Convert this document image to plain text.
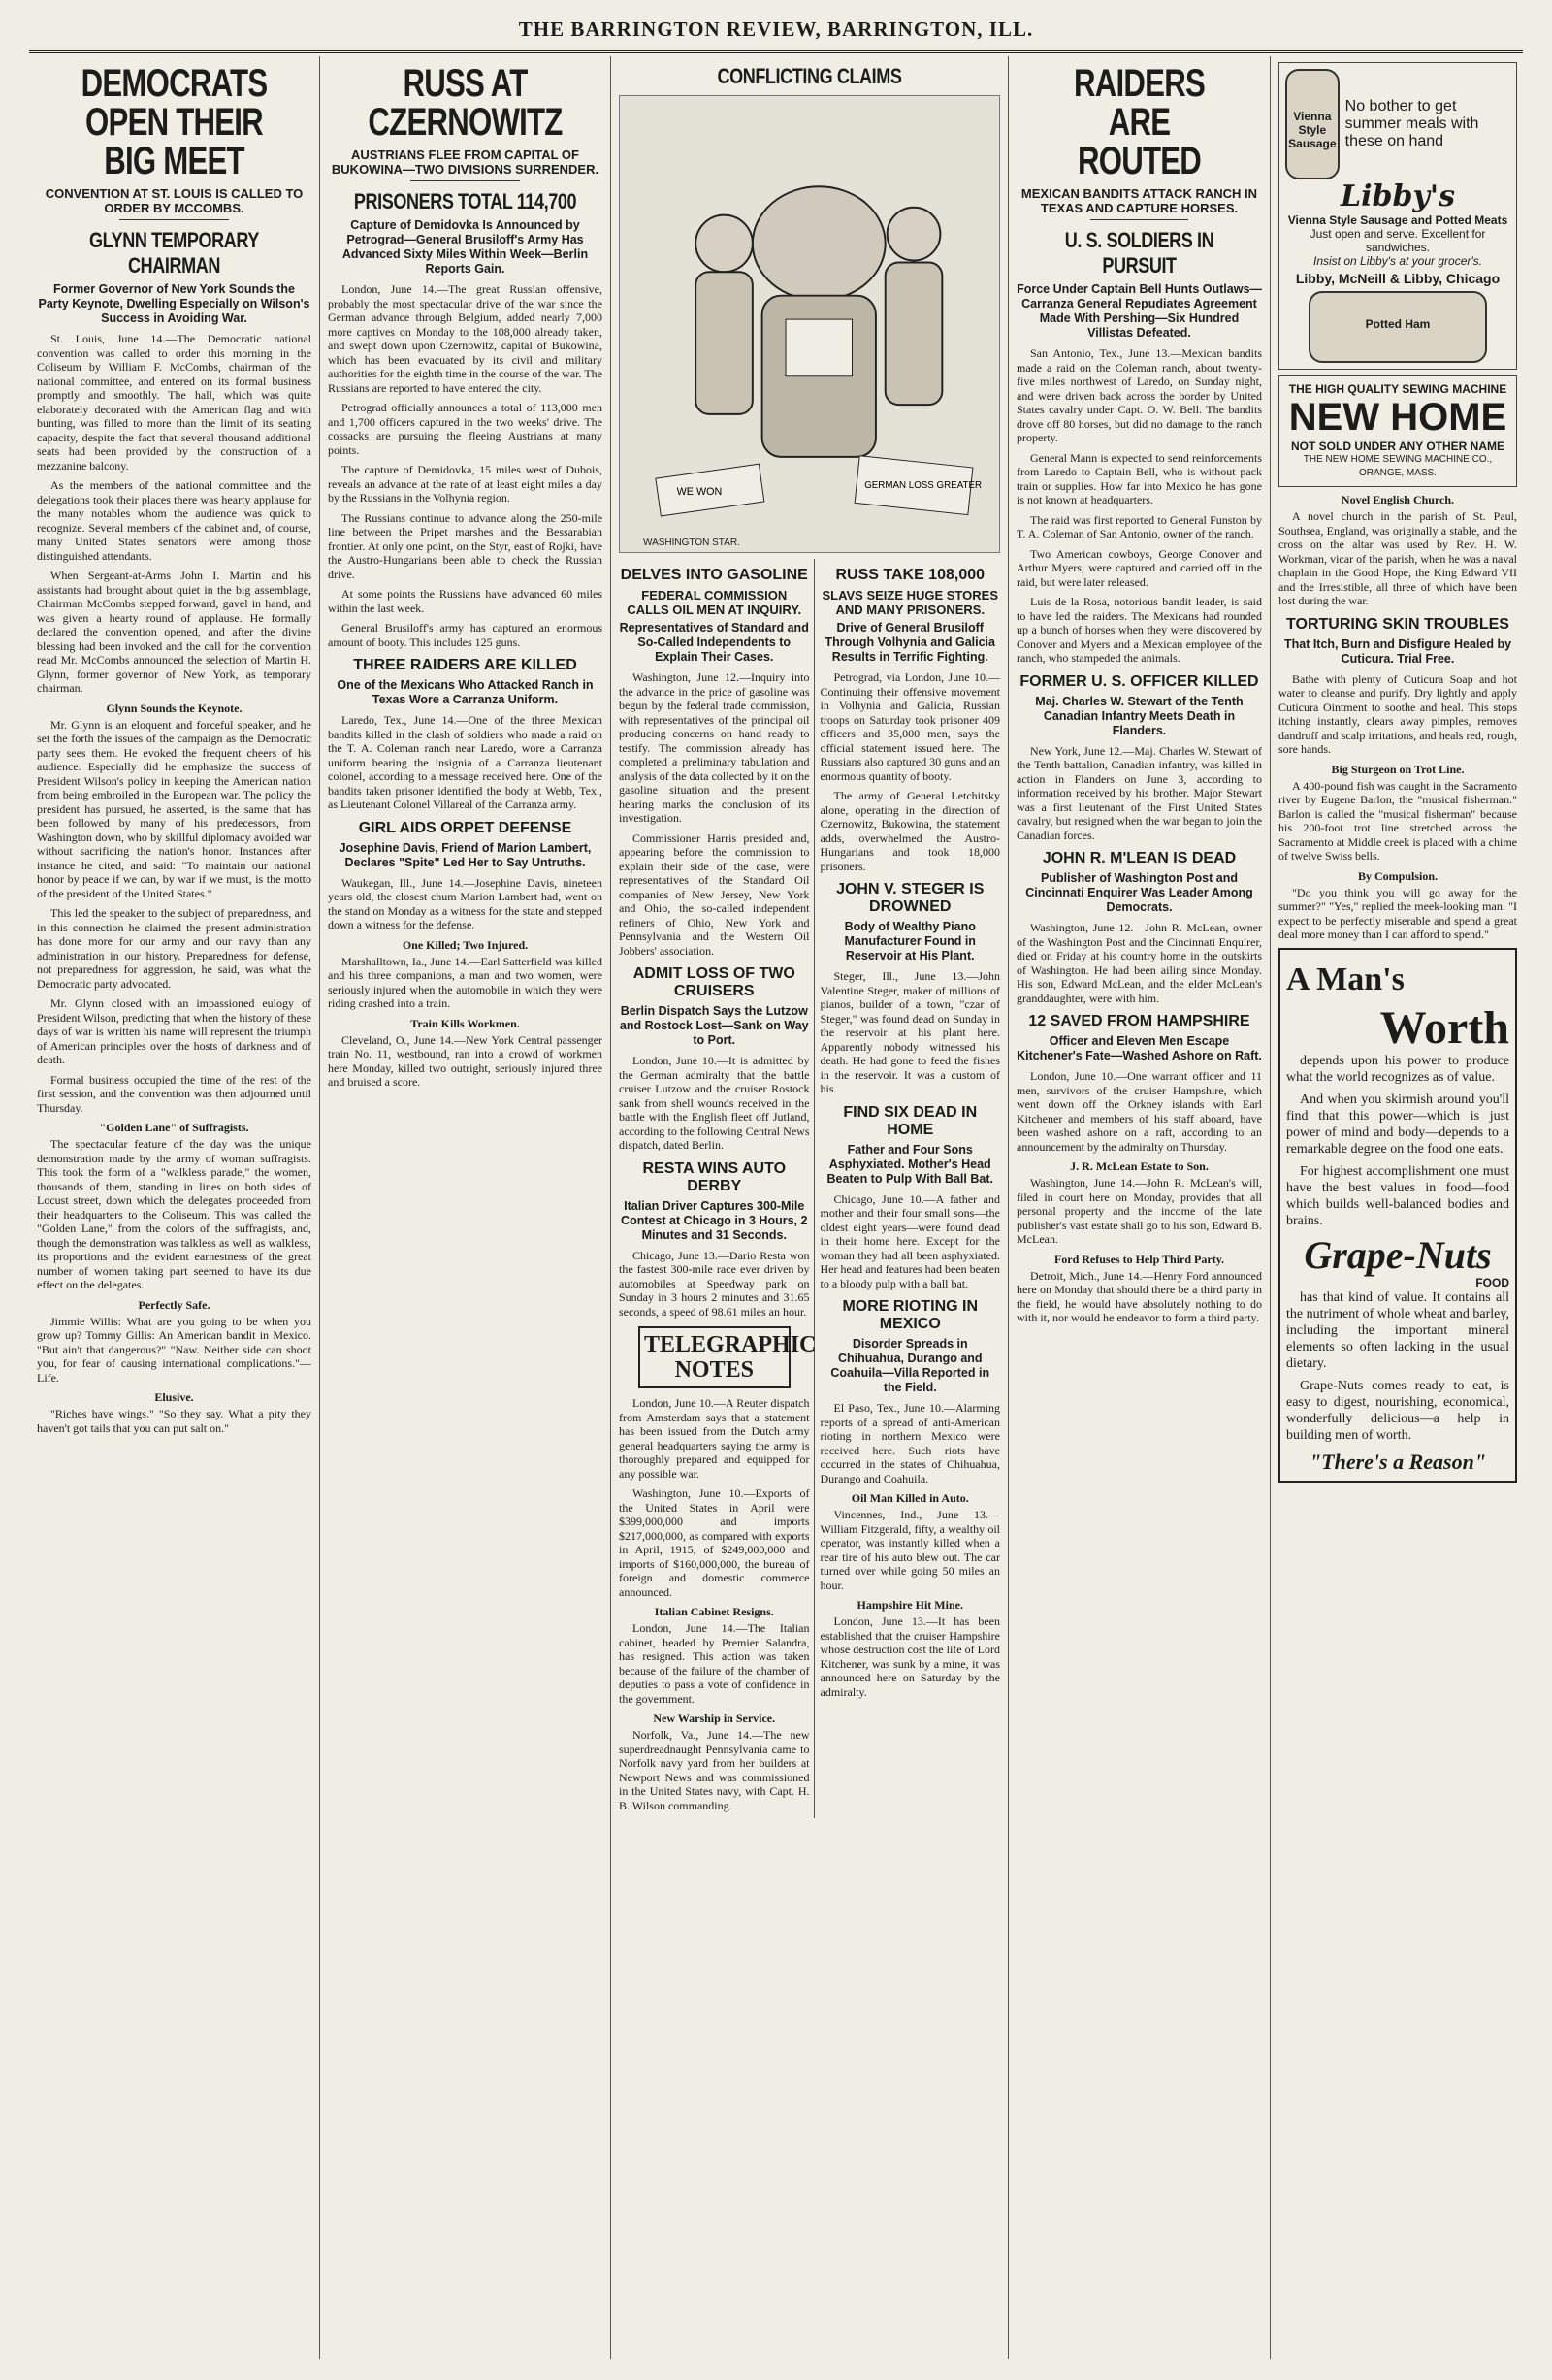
THE BARRINGTON REVIEW, BARRINGTON, ILL.
DEMOCRATS OPEN THEIR BIG MEET
CONVENTION AT ST. LOUIS IS CALLED TO ORDER BY MCCOMBS.
GLYNN TEMPORARY CHAIRMAN

Former Governor of New York Sounds the Party Keynote, Dwelling Especially on Wilson's Success in Avoiding War.

St. Louis, June 14.—The Democratic national convention was called to order this morning in the Coliseum by William F. McCombs, chairman of the national committee, and entered on its formal business promptly and smoothly. The hall, which was quite elaborately decorated with the American flag and with bunting, was filled to more than the limit of its seating capacity, despite the fact that several thousand additional seats had been provided by the construction of a mezzanine balcony.

As the members of the national committee and the delegations took their places there was hearty applause for the many notables whom the audience was quick to recognize. Several members of the cabinet and, of course, many United States senators were among those distinguished attendants.

When Sergeant-at-Arms John I. Martin and his assistants had brought about quiet in the big assemblage, Chairman McCombs stepped forward, gavel in hand, and was given a hearty round of applause. He formally declared the convention opened, and after the divine blessing had been invoked and the call for the convention read Mr. McCombs announced the selection of Martin H. Glynn, former governor of New York, as temporary chairman.

Glynn Sounds the Keynote.

Mr. Glynn is an eloquent and forceful speaker, and he set the forth the issues of the campaign as the Democratic party sees them. He evoked the frequent cheers of his audience. Especially did he emphasize the success of President Wilson's policy in keeping the American nation from being embroiled in the European war. The policy the president has pursued, he asserted, is the same that has been followed by many of his predecessors, from Washington down, who by skillful diplomacy avoided war without sacrificing the nation's honor. Instances after instance he cited, and said: "To maintain our national honor by peace if we can, by war if we must, is the motto of the president of the United States."

This led the speaker to the subject of preparedness, and in this connection he claimed the present administration has done more for our army and our navy than any administration in our history. Preparedness for defense, not preparedness for aggression, he said, was what the Democratic party advocated.

Mr. Glynn closed with an impassioned eulogy of President Wilson, predicting that when the history of these days of war is written his name will represent the triumph of American principles over the hosts of darkness and of death.

Formal business occupied the time of the rest of the first session, and the convention was then adjourned until Thursday.

"Golden Lane" of Suffragists.

The spectacular feature of the day was the unique demonstration made by the army of woman suffragists. This took the form of a "walkless parade," the women, thousands of them, standing in lines on both sides of Locust street, down which the delegates proceeded from their headquarters to the Coliseum. This was called the "Golden Lane," from the colors of the suffragists, and, though the demonstration was talkless as well as walkless, its proportions and the evident earnestness of the great number of women taking part seemed to have its due effect on the delegates.

Perfectly Safe.

Jimmie Willis: What are you going to be when you grow up? Tommy Gillis: An American bandit in Mexico. "But ain't that dangerous?" "Naw. Neither side can shoot you, for fear of causing international complications."—Life.

Elusive.

"Riches have wings." "So they say. What a pity they haven't got tails that you can put salt on."

RUSS AT CZERNOWITZ
AUSTRIANS FLEE FROM CAPITAL OF BUKOWINA—TWO DIVISIONS SURRENDER.
PRISONERS TOTAL 114,700

Capture of Demidovka Is Announced by Petrograd—General Brusiloff's Army Has Advanced Sixty Miles Within Week—Berlin Reports Gain.

London, June 14.—The great Russian offensive, probably the most spectacular drive of the war since the German advance through Belgium, added nearly 7,000 more captives on Monday to the 108,000 already taken, and swept down upon Czernowitz, capital of Bukowina, which has been evacuated by its civil and military authorities for the eighth time in the course of the war. The Russians are reported to have entered the city.

Petrograd officially announces a total of 113,000 men and 1,700 officers captured in the two weeks' drive. The cossacks are pursuing the fleeing Austrians at many points.

The capture of Demidovka, 15 miles west of Dubois, reveals an advance at the rate of at least eight miles a day by the Russians in the Volhynia region.

The Russians continue to advance along the 250-mile line between the Pripet marshes and the Bessarabian frontier. At only one point, on the Styr, east of Rojki, have the Austro-Hungarians been able to check the Russian drive.

At some points the Russians have advanced 60 miles within the last week.

General Brusiloff's army has captured an enormous amount of booty. This includes 125 guns.

THREE RAIDERS ARE KILLED

One of the Mexicans Who Attacked Ranch in Texas Wore a Carranza Uniform.

Laredo, Tex., June 14.—One of the three Mexican bandits killed in the clash of soldiers who made a raid on the T. A. Coleman ranch near Laredo, wore a Carranza uniform bearing the insignia of a Carranza lieutenant colonel, according to a message received here. One of the bandits taken prisoner identified the body at Webb, Tex., as Lieutenant Colonel Villareal of the Carranza army.

GIRL AIDS ORPET DEFENSE

Josephine Davis, Friend of Marion Lambert, Declares "Spite" Led Her to Say Untruths.

Waukegan, Ill., June 14.—Josephine Davis, nineteen years old, the closest chum Marion Lambert had, went on the stand on Monday as a witness for the state and stepped down a witness for the defense.

One Killed; Two Injured.

Marshalltown, Ia., June 14.—Earl Satterfield was killed and his three companions, a man and two women, were seriously injured when the automobile in which they were riding crashed into a train.

Train Kills Workmen.

Cleveland, O., June 14.—New York Central passenger train No. 11, westbound, ran into a crowd of workmen here Monday, killed two outright, seriously injured three and bruised a score.

CONFLICTING CLAIMS
WE WON
GERMAN LOSS GREATER
WASHINGTON STAR.
DELVES INTO GASOLINE
FEDERAL COMMISSION CALLS OIL MEN AT INQUIRY.

Representatives of Standard and So-Called Independents to Explain Their Cases.

Washington, June 12.—Inquiry into the advance in the price of gasoline was begun by the federal trade commission, with representatives of the principal oil producing concerns on hand ready to testify. The commission already has completed a preliminary tabulation and analysis of the data collected by it on the gasoline situation and the present hearing marks the conclusion of its investigation.

Commissioner Harris presided and, appearing before the commission to explain their side of the case, were representatives of the Standard Oil companies of New Jersey, New York and Ohio, the so-called independent refiners of Ohio, New York and Pennsylvania and the Western Oil Jobbers' association.

ADMIT LOSS OF TWO CRUISERS

Berlin Dispatch Says the Lutzow and Rostock Lost—Sank on Way to Port.

London, June 10.—It is admitted by the German admiralty that the battle cruiser Lutzow and the cruiser Rostock sank from shell wounds received in the battle with the English fleet off Jutland, according to the following Central News dispatch, dated Berlin.

RESTA WINS AUTO DERBY

Italian Driver Captures 300-Mile Contest at Chicago in 3 Hours, 2 Minutes and 31 Seconds.

Chicago, June 13.—Dario Resta won the fastest 300-mile race ever driven by automobiles at Speedway park on Sunday in 3 hours 2 minutes and 31.65 seconds, a speed of 98.61 miles an hour.

TELEGRAPHIC NOTES

London, June 10.—A Reuter dispatch from Amsterdam says that a statement has been issued from the Dutch army general headquarters saying the army is thoroughly prepared and equipped for any possible war.

Washington, June 10.—Exports of the United States in April were $399,000,000 and imports $217,000,000, as compared with exports in April, 1915, of $249,000,000 and imports of $160,000,000, the bureau of foreign and domestic commerce announced.

Italian Cabinet Resigns.

London, June 14.—The Italian cabinet, headed by Premier Salandra, has resigned. This action was taken because of the failure of the chamber of deputies to pass a vote of confidence in the government.

New Warship in Service.

Norfolk, Va., June 14.—The new superdreadnaught Pennsylvania came to Norfolk navy yard from her builders at Newport News and was commissioned in the United States navy, with Capt. H. B. Wilson commanding.

RUSS TAKE 108,000
SLAVS SEIZE HUGE STORES AND MANY PRISONERS.

Drive of General Brusiloff Through Volhynia and Galicia Results in Terrific Fighting.

Petrograd, via London, June 10.—Continuing their offensive movement in Volhynia and Galicia, Russian troops on Saturday took prisoner 409 officers and 35,000 men, says the official statement issued here. The Russians also captured 30 guns and an enormous quantity of booty.

The army of General Letchitsky alone, operating in the direction of Czernowitz, Bukowina, the statement adds, overwhelmed the Austro-Hungarians and took 18,000 prisoners.

JOHN V. STEGER IS DROWNED

Body of Wealthy Piano Manufacturer Found in Reservoir at His Plant.

Steger, Ill., June 13.—John Valentine Steger, maker of millions of pianos, builder of a town, "czar of Steger," was found dead on Sunday in the reservoir at his plant here. Apparently nobody witnessed his death. He had gone to feed the fishes in the reservoir. It was a custom of his.

FIND SIX DEAD IN HOME

Father and Four Sons Asphyxiated. Mother's Head Beaten to Pulp With Ball Bat.

Chicago, June 10.—A father and mother and their four small sons—the oldest eight years—were found dead in their home here. Except for the woman they had all been asphyxiated. Her head and features had been beaten to a bloody pulp with a ball bat.

MORE RIOTING IN MEXICO

Disorder Spreads in Chihuahua, Durango and Coahuila—Villa Reported in the Field.

El Paso, Tex., June 10.—Alarming reports of a spread of anti-American rioting in northern Mexico were received here. Such riots have occurred in the states of Chihuahua, Durango and Coahuila.

Oil Man Killed in Auto.

Vincennes, Ind., June 13.—William Fitzgerald, fifty, a wealthy oil operator, was instantly killed when a rear tire of his auto blew out. The car turned over while going 50 miles an hour.

Hampshire Hit Mine.

London, June 13.—It has been established that the cruiser Hampshire whose destruction cost the life of Lord Kitchener, was sunk by a mine, it was announced here on Saturday by the admiralty.

RAIDERS ARE ROUTED
MEXICAN BANDITS ATTACK RANCH IN TEXAS AND CAPTURE HORSES.
U. S. SOLDIERS IN PURSUIT

Force Under Captain Bell Hunts Outlaws—Carranza General Repudiates Agreement Made With Pershing—Six Hundred Villistas Defeated.

San Antonio, Tex., June 13.—Mexican bandits made a raid on the Coleman ranch, about twenty-five miles northwest of Laredo, on Sunday night, and were driven back across the border by United States cavalry under Capt. O. W. Bell. The bandits drove off 80 horses, but did no damage to the ranch property.

General Mann is expected to send reinforcements from Laredo to Captain Bell, who is without pack train or supplies. How far into Mexico he has gone is not known at headquarters.

The raid was first reported to General Funston by T. A. Coleman of San Antonio, owner of the ranch.

Two American cowboys, George Conover and Arthur Myers, were captured and carried off in the raid, but were later released.

Luis de la Rosa, notorious bandit leader, is said to have led the raiders. The Mexicans had rounded up a bunch of horses when they were discovered by Conover and Myers and a Mexican employee of the ranch, who stampeded the animals.

FORMER U. S. OFFICER KILLED

Maj. Charles W. Stewart of the Tenth Canadian Infantry Meets Death in Flanders.

New York, June 12.—Maj. Charles W. Stewart of the Tenth battalion, Canadian infantry, was killed in action in Flanders on June 3, according to information received by his brother. Major Stewart was a first lieutenant of the First United States cavalry, but resigned when the war began to join the Canadian forces.

JOHN R. M'LEAN IS DEAD

Publisher of Washington Post and Cincinnati Enquirer Was Leader Among Democrats.

Washington, June 12.—John R. McLean, owner of the Washington Post and the Cincinnati Enquirer, died on Friday at his country home in the outskirts of Washington. He had been ailing since Monday. His son, Edward McLean, and the elder McLean's granddaughter, were with him.

12 SAVED FROM HAMPSHIRE

Officer and Eleven Men Escape Kitchener's Fate—Washed Ashore on Raft.

London, June 10.—One warrant officer and 11 men, survivors of the cruiser Hampshire, which went down off the Orkney islands with Earl Kitchener and members of his staff aboard, have been washed ashore on a raft, according to an announcement by the admiralty on Thursday.

J. R. McLean Estate to Son.

Washington, June 14.—John R. McLean's will, filed in court here on Monday, provides that all personal property and the income of the late publisher's vast estate shall go to his son, Edward B. McLean.

Ford Refuses to Help Third Party.

Detroit, Mich., June 14.—Henry Ford announced here on Monday that should there be a third party in the field, he would have absolutely nothing to do with it, nor would he endeavor to form a third party.

Vienna Style Sausage
No bother to get summer meals with these on hand
Libby's
Vienna Style Sausage and Potted Meats
Just open and serve. Excellent for sandwiches.
Insist on Libby's at your grocer's.
Libby, McNeill & Libby, Chicago
Potted Ham
THE HIGH QUALITY SEWING MACHINE
NEW HOME
NOT SOLD UNDER ANY OTHER NAME
THE NEW HOME SEWING MACHINE CO., ORANGE, MASS.
Novel English Church.

A novel church in the parish of St. Paul, Southsea, England, was originally a stable, and the cross on the altar was used by Rev. H. W. Workman, vicar of the parish, when he was a naval chaplain in the Good Hope, the King Edward VII and the Irresistible, all three of which have been lost during the war.

TORTURING SKIN TROUBLES

That Itch, Burn and Disfigure Healed by Cuticura. Trial Free.

Bathe with plenty of Cuticura Soap and hot water to cleanse and purify. Dry lightly and apply Cuticura Ointment to soothe and heal. This stops itching instantly, clears away pimples, removes dandruff and scalp irritations, and heals red, rough, sore hands.

Big Sturgeon on Trot Line.

A 400-pound fish was caught in the Sacramento river by Eugene Barlon, the "musical fisherman." Barlon is called the "musical fisherman" because his 200-foot trot line stretched across the Sacramento at Middle creek is placed with a chime of twelve Swiss bells.

By Compulsion.

"Do you think you will go away for the summer?" "Yes," replied the meek-looking man. "I expect to be perfectly miserable and spend a great deal more money than I can afford to spend."

A Man's
Worth

depends upon his power to produce what the world recognizes as of value.

And when you skirmish around you'll find that this power—which is just power of mind and body—depends to a remarkable degree on the food one eats.

For highest accomplishment one must have the best values in food—food which builds well-balanced bodies and brains.

Grape-Nuts
FOOD

has that kind of value. It contains all the nutriment of whole wheat and barley, including the important mineral elements so often lacking in the usual dietary.

Grape-Nuts comes ready to eat, is easy to digest, nourishing, economical, wonderfully delicious—a help in building men of worth.

"There's a Reason"
